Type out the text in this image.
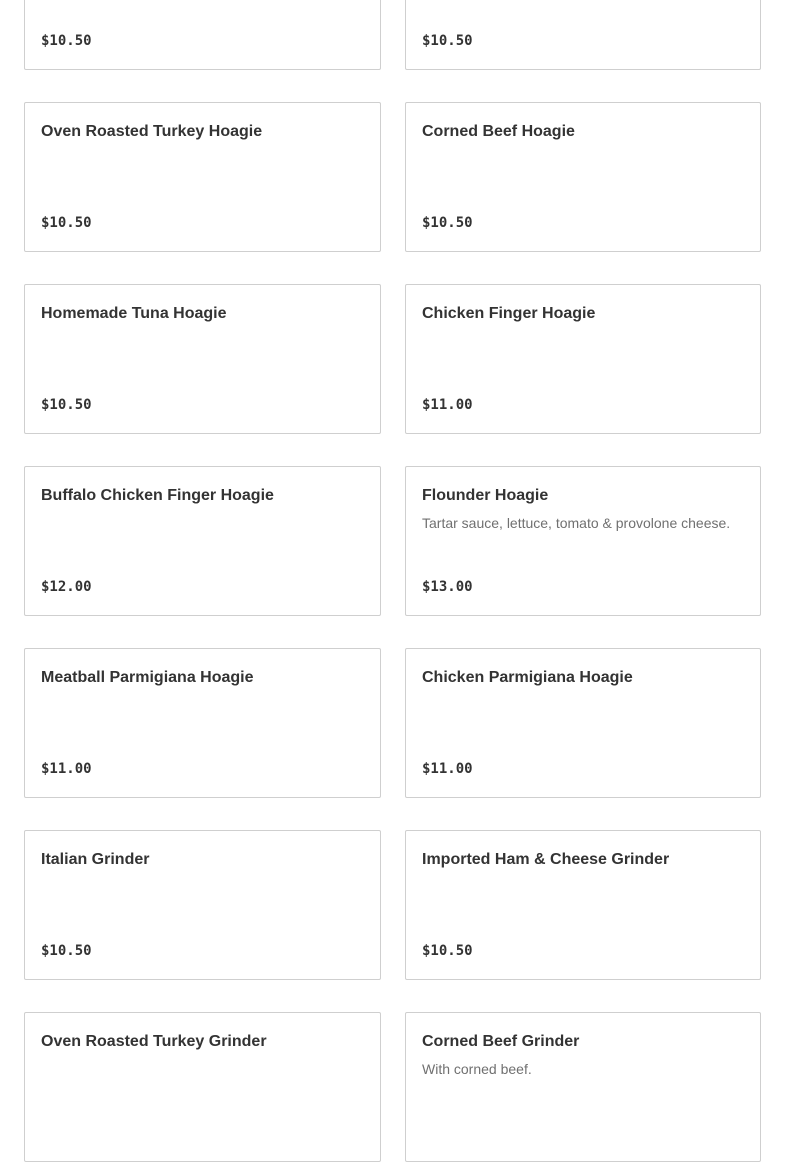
$10.50	$10.50
Oven Roasted Turkey Hoagie
$10.50
Corned Beef Hoagie
$10.50
Homemade Tuna Hoagie
$10.50
Chicken Finger Hoagie
$11.00
Buffalo Chicken Finger Hoagie
$12.00
Flounder Hoagie
Tartar sauce, lettuce, tomato & provolone cheese.
$13.00
Meatball Parmigiana Hoagie
$11.00
Chicken Parmigiana Hoagie
$11.00
Italian Grinder
$10.50
Imported Ham & Cheese Grinder
$10.50
Oven Roasted Turkey Grinder	Corned Beef Grinder
With corned beef.
